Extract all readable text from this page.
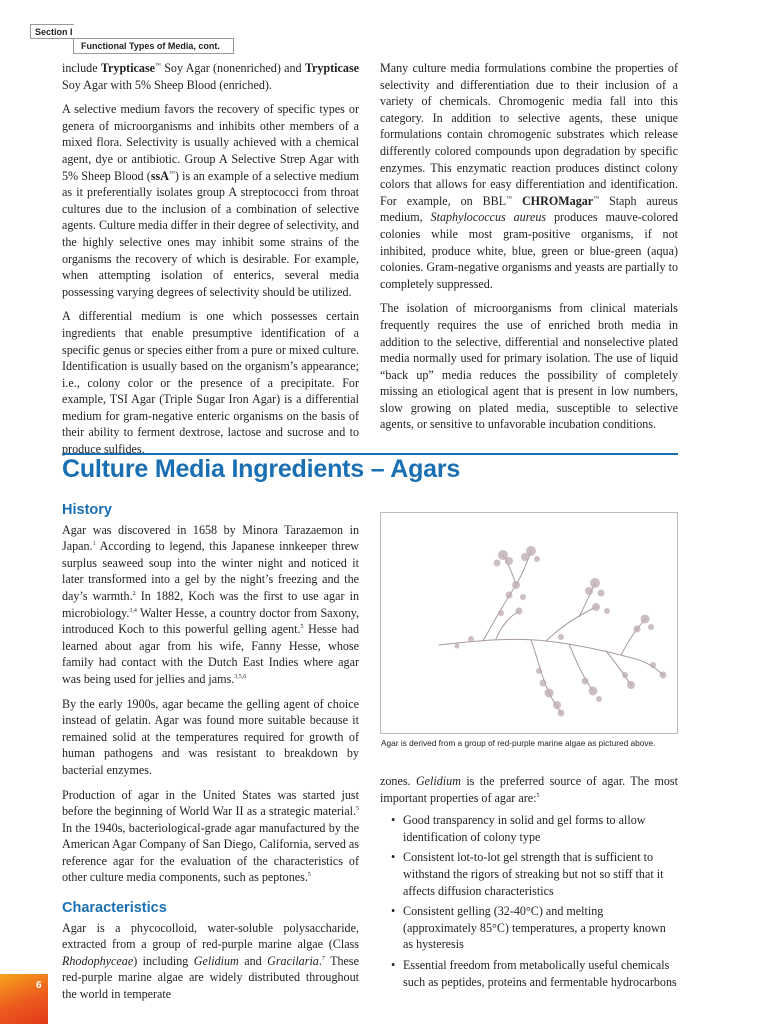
Section I
Functional Types of Media, cont.

include Trypticase™ Soy Agar (nonenriched) and Trypticase Soy Agar with 5% Sheep Blood (enriched).

A selective medium favors the recovery of specific types or genera of microorganisms and inhibits other members of a mixed flora. Selectivity is usually achieved with a chemical agent, dye or antibiotic. Group A Selective Strep Agar with 5% Sheep Blood (ssA™) is an example of a selective medium as it preferentially isolates group A streptococci from throat cultures due to the inclusion of a combination of selective agents. Culture media differ in their degree of selectivity, and the highly selective ones may inhibit some strains of the organisms the recovery of which is desirable. For example, when attempting isolation of enterics, several media possessing varying degrees of selectivity should be utilized.

A differential medium is one which possesses certain ingredients that enable presumptive identification of a specific genus or species either from a pure or mixed culture. Identification is usually based on the organism’s appearance; i.e., colony color or the presence of a precipitate. For example, TSI Agar (Triple Sugar Iron Agar) is a differential medium for gram-negative enteric organisms on the basis of their ability to ferment dextrose, lactose and sucrose and to produce sulfides.

Many culture media formulations combine the properties of selectivity and differentiation due to their inclusion of a variety of chemicals. Chromogenic media fall into this category. In addition to selective agents, these unique formulations contain chromogenic substrates which release differently colored compounds upon degradation by specific enzymes. This enzymatic reaction produces distinct colony colors that allows for easy differentiation and identification. For example, on BBL™ CHROMagar™ Staph aureus medium, Staphylococcus aureus produces mauve-colored colonies while most gram-positive organisms, if not inhibited, produce white, blue, green or blue-green (aqua) colonies. Gram-negative organisms and yeasts are partially to completely suppressed.

The isolation of microorganisms from clinical materials frequently requires the use of enriched broth media in addition to the selective, differential and nonselective plated media normally used for primary isolation. The use of liquid “back up” media reduces the possibility of completely missing an etiological agent that is present in low numbers, slow growing on plated media, susceptible to selective agents, or sensitive to unfavorable incubation conditions.

Culture Media Ingredients – Agars
History

Agar was discovered in 1658 by Minora Tarazaemon in Japan.$^1$ According to legend, this Japanese innkeeper threw surplus seaweed soup into the winter night and noticed it later transformed into a gel by the night’s freezing and the day’s warmth.$^2$ In 1882, Koch was the first to use agar in microbiology.$^{3,4}$ Walter Hesse, a country doctor from Saxony, introduced Koch to this powerful gelling agent.$^5$ Hesse had learned about agar from his wife, Fanny Hesse, whose family had contact with the Dutch East Indies where agar was being used for jellies and jams.$^{3,5,6}$

By the early 1900s, agar became the gelling agent of choice instead of gelatin. Agar was found more suitable because it remained solid at the temperatures required for growth of human pathogens and was resistant to breakdown by bacterial enzymes.

Production of agar in the United States was started just before the beginning of World War II as a strategic material.$^5$ In the 1940s, bacteriological-grade agar manufactured by the American Agar Company of San Diego, California, served as reference agar for the evaluation of the characteristics of other culture media components, such as peptones.$^5$

Characteristics

Agar is a phycocolloid, water-soluble polysaccharide, extracted from a group of red-purple marine algae (Class Rhodophyceae) including Gelidium and Gracilaria.$^7$ These red-purple marine algae are widely distributed throughout the world in temperate

Agar is derived from a group of red-purple marine algae as pictured above.

zones. Gelidium is the preferred source of agar. The most important properties of agar are:$^5$

• Good transparency in solid and gel forms to allow identification of colony type
• Consistent lot-to-lot gel strength that is sufficient to withstand the rigors of streaking but not so stiff that it affects diffusion characteristics
• Consistent gelling (32-40°C) and melting (approximately 85°C) temperatures, a property known as hysteresis
• Essential freedom from metabolically useful chemicals such as peptides, proteins and fermentable hydrocarbons
6
